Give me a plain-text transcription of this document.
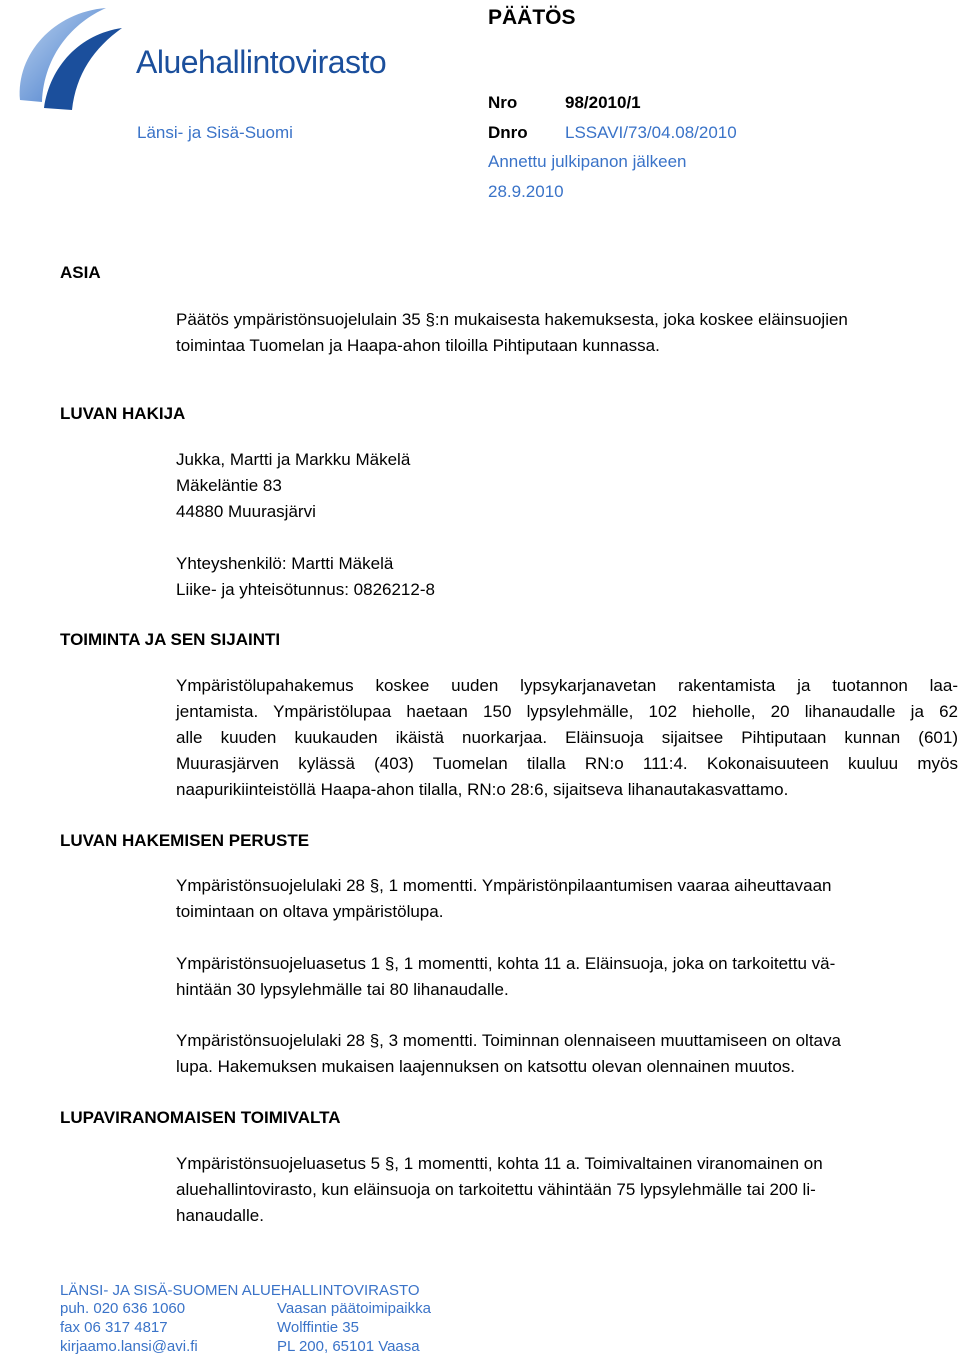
Aluehallintovirasto
Länsi- ja Sisä-Suomi
PÄÄTÖS
Nro	98/2010/1
Dnro LSSAVI/73/04.08/2010
Annettu julkipanon jälkeen
28.9.2010
ASIA
Päätös ympäristönsuojelulain 35 §:n mukaisesta hakemuksesta, joka koskee eläinsuojien
toimintaa Tuomelan ja Haapa-ahon tiloilla Pihtiputaan kunnassa.
LUVAN HAKIJA
Jukka, Martti ja Markku Mäkelä
Mäkeläntie 83
44880 Muurasjärvi
Yhteyshenkilö: Martti Mäkelä
Liike- ja yhteisötunnus: 0826212-8
TOIMINTA JA SEN SIJAINTI
Ympäristölupahakemus koskee uuden lypsykarjanavetan rakentamista ja tuotannon laa-
jentamista. Ympäristölupaa haetaan 150 lypsylehmälle, 102 hieholle, 20 lihanaudalle ja 62
alle kuuden kuukauden ikäistä nuorkarjaa. Eläinsuoja sijaitsee Pihtiputaan kunnan (601)
Muurasjärven kylässä (403) Tuomelan tilalla RN:o 111:4. Kokonaisuuteen kuuluu myös
naapurikiinteistöllä Haapa-ahon tilalla, RN:o 28:6, sijaitseva lihanautakasvattamo.
LUVAN HAKEMISEN PERUSTE
Ympäristönsuojelulaki 28 §, 1 momentti. Ympäristönpilaantumisen vaaraa aiheuttavaan
toimintaan on oltava ympäristölupa.
Ympäristönsuojeluasetus 1 §, 1 momentti, kohta 11 a. Eläinsuoja, joka on tarkoitettu vä-
hintään 30 lypsylehmälle tai 80 lihanaudalle.
Ympäristönsuojelulaki 28 §, 3 momentti. Toiminnan olennaiseen muuttamiseen on oltava
lupa. Hakemuksen mukaisen laajennuksen on katsottu olevan olennainen muutos.
LUPAVIRANOMAISEN TOIMIVALTA
Ympäristönsuojeluasetus 5 §, 1 momentti, kohta 11 a. Toimivaltainen viranomainen on
aluehallintovirasto, kun eläinsuoja on tarkoitettu vähintään 75 lypsylehmälle tai 200 li-
hanaudalle.
LÄNSI- JA SISÄ-SUOMEN ALUEHALLINTOVIRASTO
puh. 020 636 1060
fax 06 317 4817
kirjaamo.lansi@avi.fi
Vaasan päätoimipaikka
Wolffintie 35
PL 200, 65101 Vaasa
